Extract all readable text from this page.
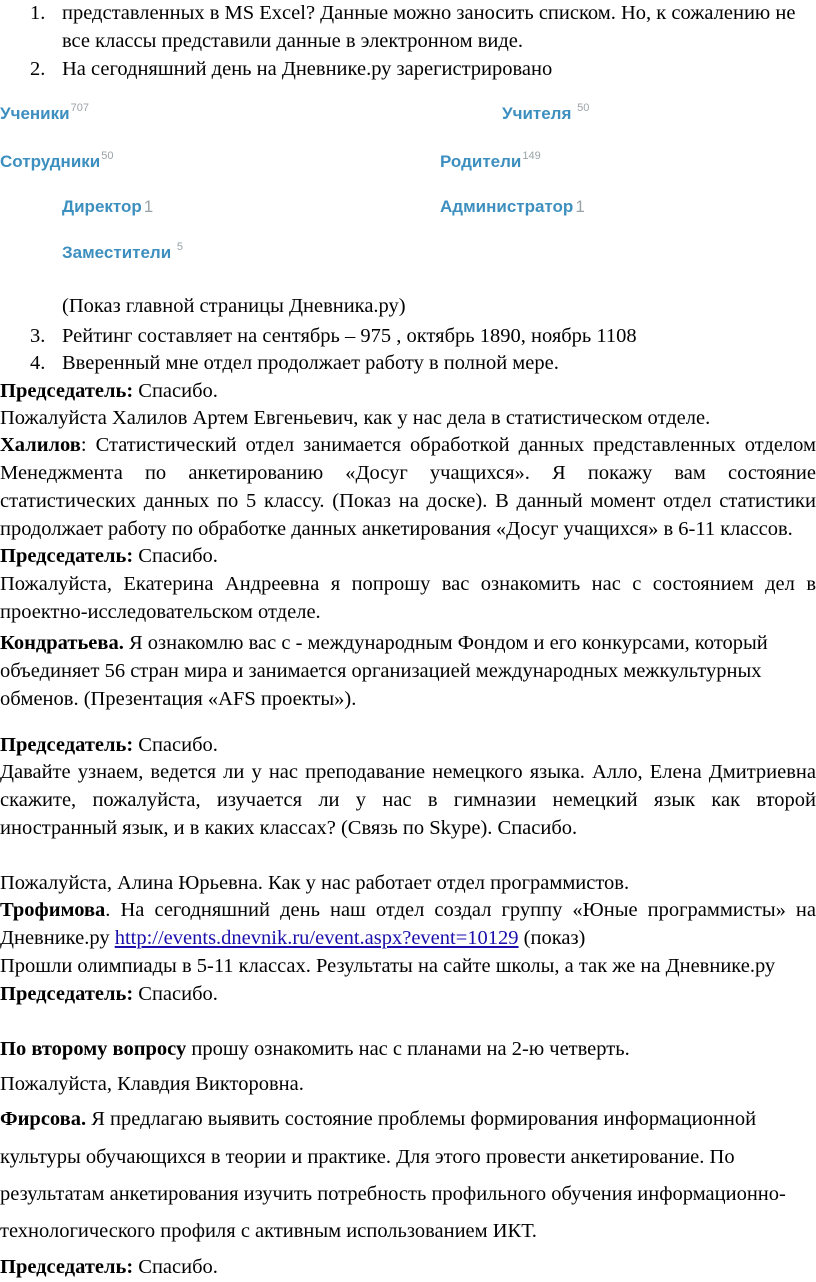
1. представленных в MS Excel? Данные можно заносить списком. Но, к сожалению не
все классы представили данные в электронном виде.
2. На сегодняшний день на Дневнике.ру зарегистрировано
Ученики$^{707}$	Учителя $^{50}$
Сотрудники$^{50}$	Родители$^{149}$
Директор 1	Администратор 1
Заместители $^5$
(Показ главной страницы Дневника.ру)
3. Рейтинг составляет на сентябрь – 975 , октябрь 1890, ноябрь 1108
4. Вверенный мне отдел продолжает работу в полной мере.
Председатель: Спасибо.
Пожалуйста Халилов Артем Евгеньевич, как у нас дела в статистическом отделе.
Халилов: Статистический отдел занимается обработкой данных представленных отделом
Менеджмента по анкетированию «Досуг учащихся». Я покажу вам состояние
статистических данных по 5 классу. (Показ на доске). В данный момент отдел статистики
продолжает работу по обработке данных анкетирования «Досуг учащихся» в 6-11 классов.
Председатель: Спасибо.
Пожалуйста, Екатерина Андреевна я попрошу вас ознакомить нас с состоянием дел в
проектно-исследовательском отделе.
Кондратьева. Я ознакомлю вас с - международным Фондом и его конкурсами, который
объединяет 56 стран мира и занимается организацией международных межкультурных
обменов. (Презентация «AFS проекты»).
Председатель: Спасибо.
Давайте узнаем, ведется ли у нас преподавание немецкого языка. Алло, Елена Дмитриевна
скажите, пожалуйста, изучается ли у нас в гимназии немецкий язык как второй
иностранный язык, и в каких классах? (Связь по Skype). Спасибо.
Пожалуйста, Алина Юрьевна. Как у нас работает отдел программистов.
Трофимова. На сегодняшний день наш отдел создал группу «Юные программисты» на
Дневнике.ру http://events.dnevnik.ru/event.aspx?event=10129 (показ)
Прошли олимпиады в 5-11 классах. Результаты на сайте школы, а так же на Дневнике.ру
Председатель: Спасибо.
По второму вопросу прошу ознакомить нас с планами на 2-ю четверть.
Пожалуйста, Клавдия Викторовна.
Фирсова. Я предлагаю выявить состояние проблемы формирования информационной
культуры обучающихся в теории и практике. Для этого провести анкетирование. По
результатам анкетирования изучить потребность профильного обучения информационно-
технологического профиля с активным использованием ИКТ.
Председатель: Спасибо.
